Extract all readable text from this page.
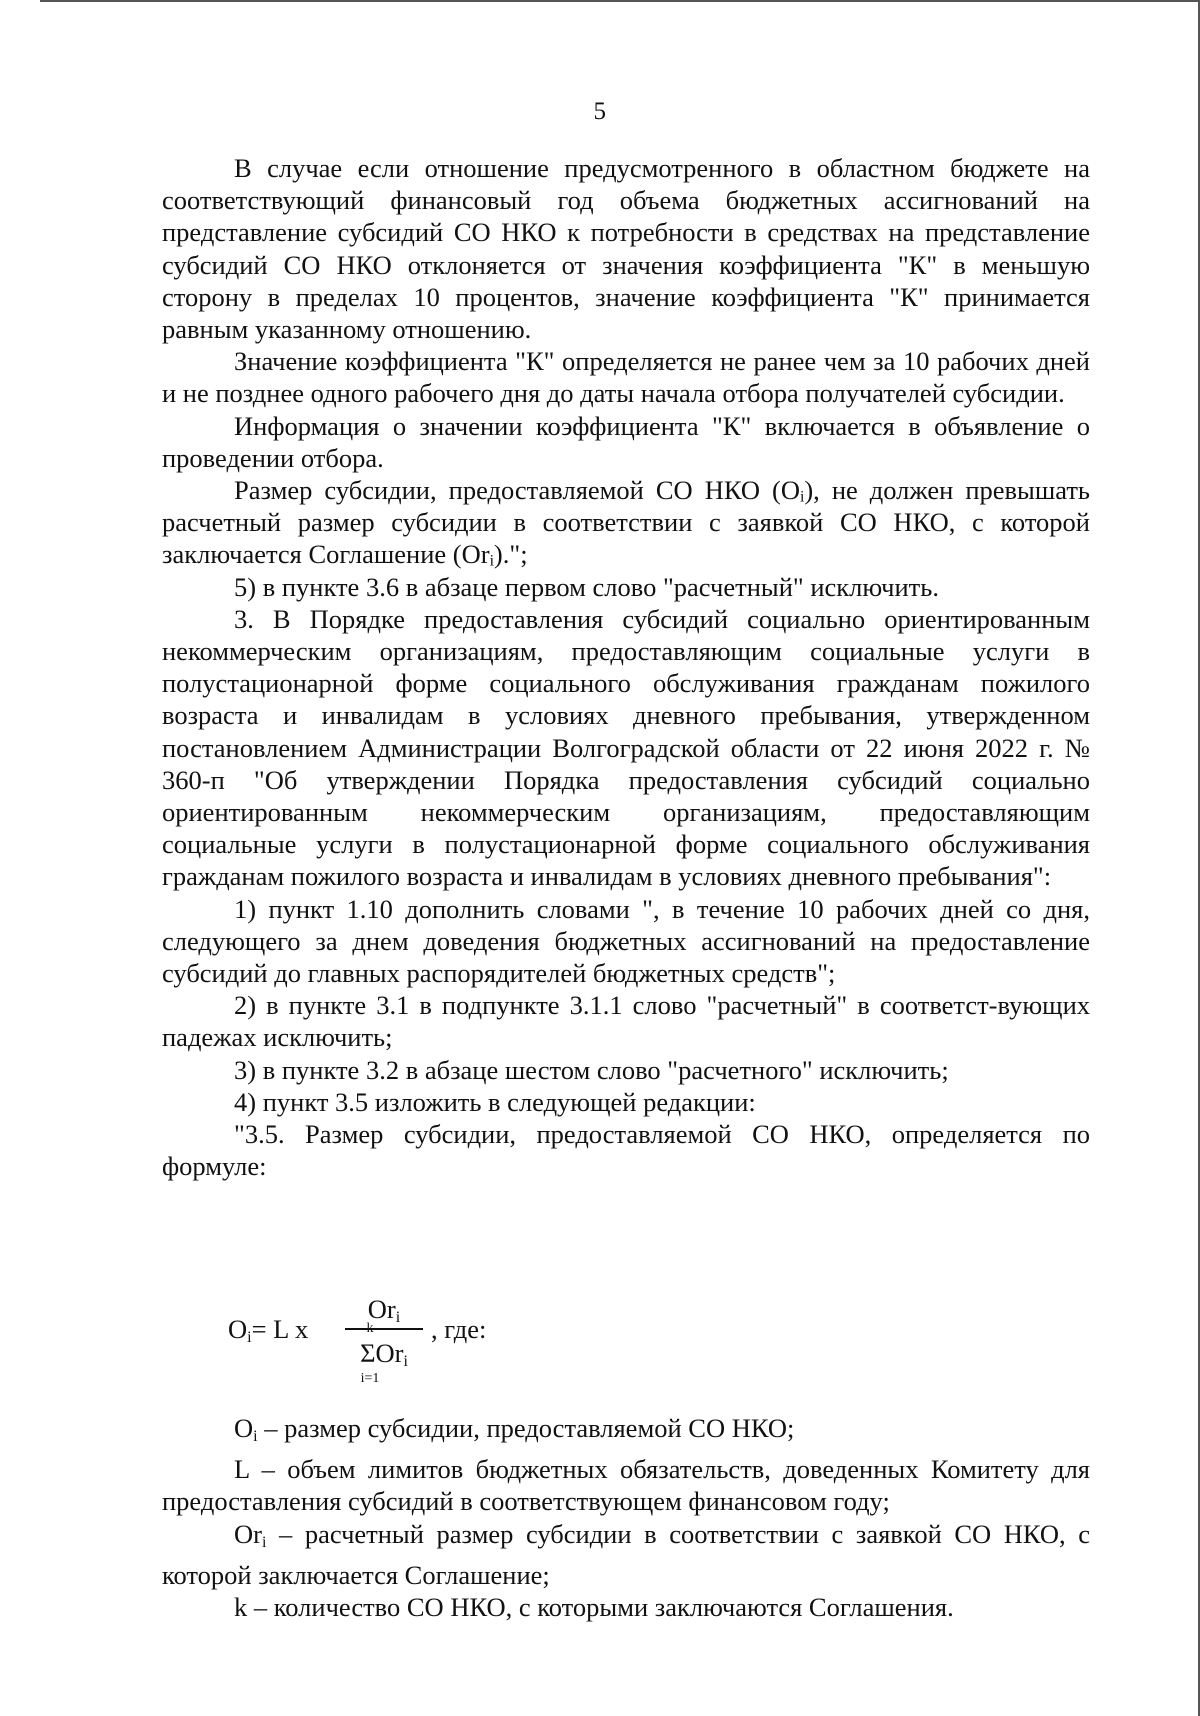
5

В случае если отношение предусмотренного в областном бюджете на соответствующий финансовый год объема бюджетных ассигнований на представление субсидий СО НКО к потребности в средствах на представление субсидий СО НКО отклоняется от значения коэффициента "К" в меньшую сторону в пределах 10 процентов, значение коэффициента "К" принимается равным указанному отношению.

Значение коэффициента "К" определяется не ранее чем за 10 рабочих дней и не позднее одного рабочего дня до даты начала отбора получателей субсидии.

Информация о значении коэффициента "К" включается в объявление о проведении отбора.

Размер субсидии, предоставляемой СО НКО (Oᵢ), не должен превышать расчетный размер субсидии в соответствии с заявкой СО НКО, с которой заключается Соглашение (Orᵢ).";

5) в пункте 3.6 в абзаце первом слово "расчетный" исключить.

3. В Порядке предоставления субсидий социально ориентированным некоммерческим организациям, предоставляющим социальные услуги в полустационарной форме социального обслуживания гражданам пожилого возраста и инвалидам в условиях дневного пребывания, утвержденном постановлением Администрации Волгоградской области от 22 июня 2022 г. № 360-п "Об утверждении Порядка предоставления субсидий социально ориентированным некоммерческим организациям, предоставляющим социальные услуги в полустационарной форме социального обслуживания гражданам пожилого возраста и инвалидам в условиях дневного пребывания":

1) пункт 1.10 дополнить словами ", в течение 10 рабочих дней со дня, следующего за днем доведения бюджетных ассигнований на предоставление субсидий до главных распорядителей бюджетных средств";

2) в пункте 3.1 в подпункте 3.1.1 слово "расчетный" в соответст-вующих падежах исключить;

3) в пункте 3.2 в абзаце шестом слово "расчетного" исключить;

4) пункт 3.5 изложить в следующей редакции:

"3.5. Размер субсидии, предоставляемой СО НКО, определяется по формуле:

$O_i= L$ x
$Or_i$
k
ΣOr$_i$
i=1
, где:

$O_i$ – размер субсидии, предоставляемой СО НКО;

L – объем лимитов бюджетных обязательств, доведенных Комитету для предоставления субсидий в соответствующем финансовом году;

$Or_i$ – расчетный размер субсидии в соответствии с заявкой СО НКО, с которой заключается Соглашение;

k – количество СО НКО, с которыми заключаются Соглашения.
